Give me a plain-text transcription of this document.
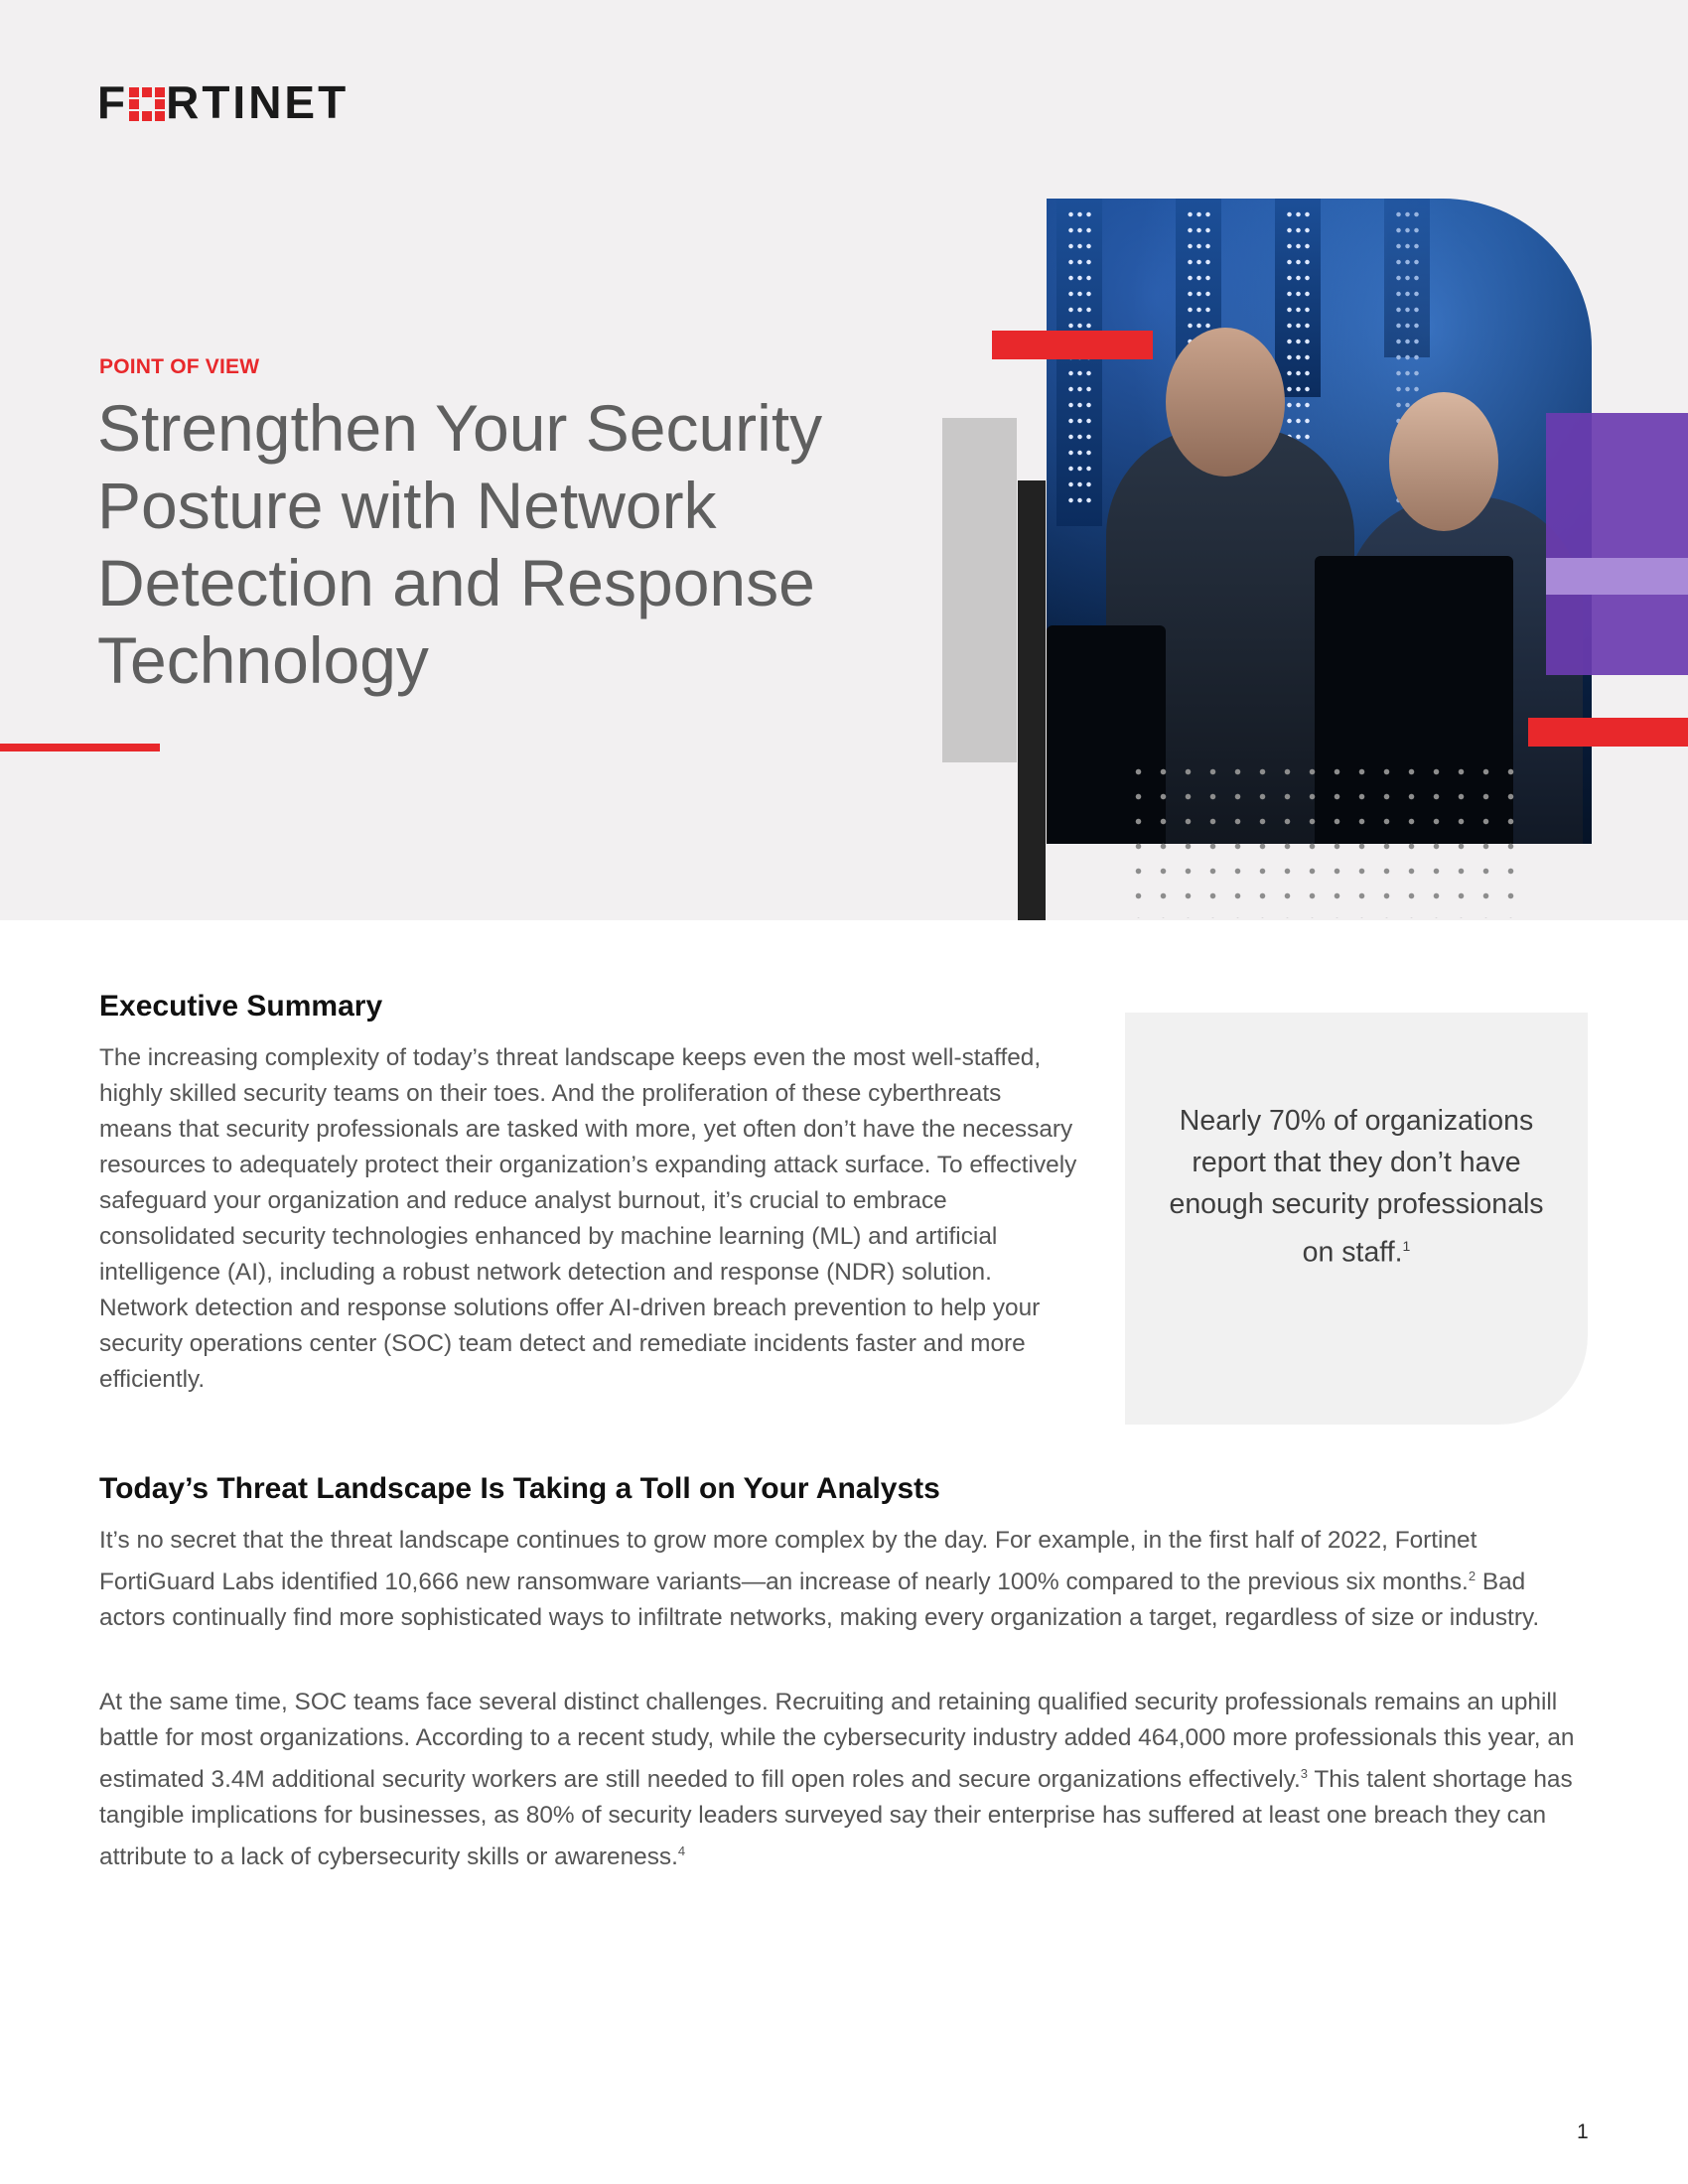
F RTINET
POINT OF VIEW
Strengthen Your Security Posture with Network Detection and Response Technology
Executive Summary

The increasing complexity of today’s threat landscape keeps even the most well-staffed, highly skilled security teams on their toes. And the proliferation of these cyberthreats means that security professionals are tasked with more, yet often don’t have the necessary resources to adequately protect their organization’s expanding attack surface. To effectively safeguard your organization and reduce analyst burnout, it’s crucial to embrace consolidated security technologies enhanced by machine learning (ML) and artificial intelligence (AI), including a robust network detection and response (NDR) solution. Network detection and response solutions offer AI-driven breach prevention to help your security operations center (SOC) team detect and remediate incidents faster and more efficiently.

Nearly 70% of organizations report that they don’t have enough security professionals on staff.$^1$

Today’s Threat Landscape Is Taking a Toll on Your Analysts

It’s no secret that the threat landscape continues to grow more complex by the day. For example, in the first half of 2022, Fortinet FortiGuard Labs identified 10,666 new ransomware variants—an increase of nearly 100% compared to the previous six months.$^2$ Bad actors continually find more sophisticated ways to infiltrate networks, making every organization a target, regardless of size or industry.

At the same time, SOC teams face several distinct challenges. Recruiting and retaining qualified security professionals remains an uphill battle for most organizations. According to a recent study, while the cybersecurity industry added 464,000 more professionals this year, an estimated 3.4M additional security workers are still needed to fill open roles and secure organizations effectively.$^3$ This talent shortage has tangible implications for businesses, as 80% of security leaders surveyed say their enterprise has suffered at least one breach they can attribute to a lack of cybersecurity skills or awareness.$^4$

1
